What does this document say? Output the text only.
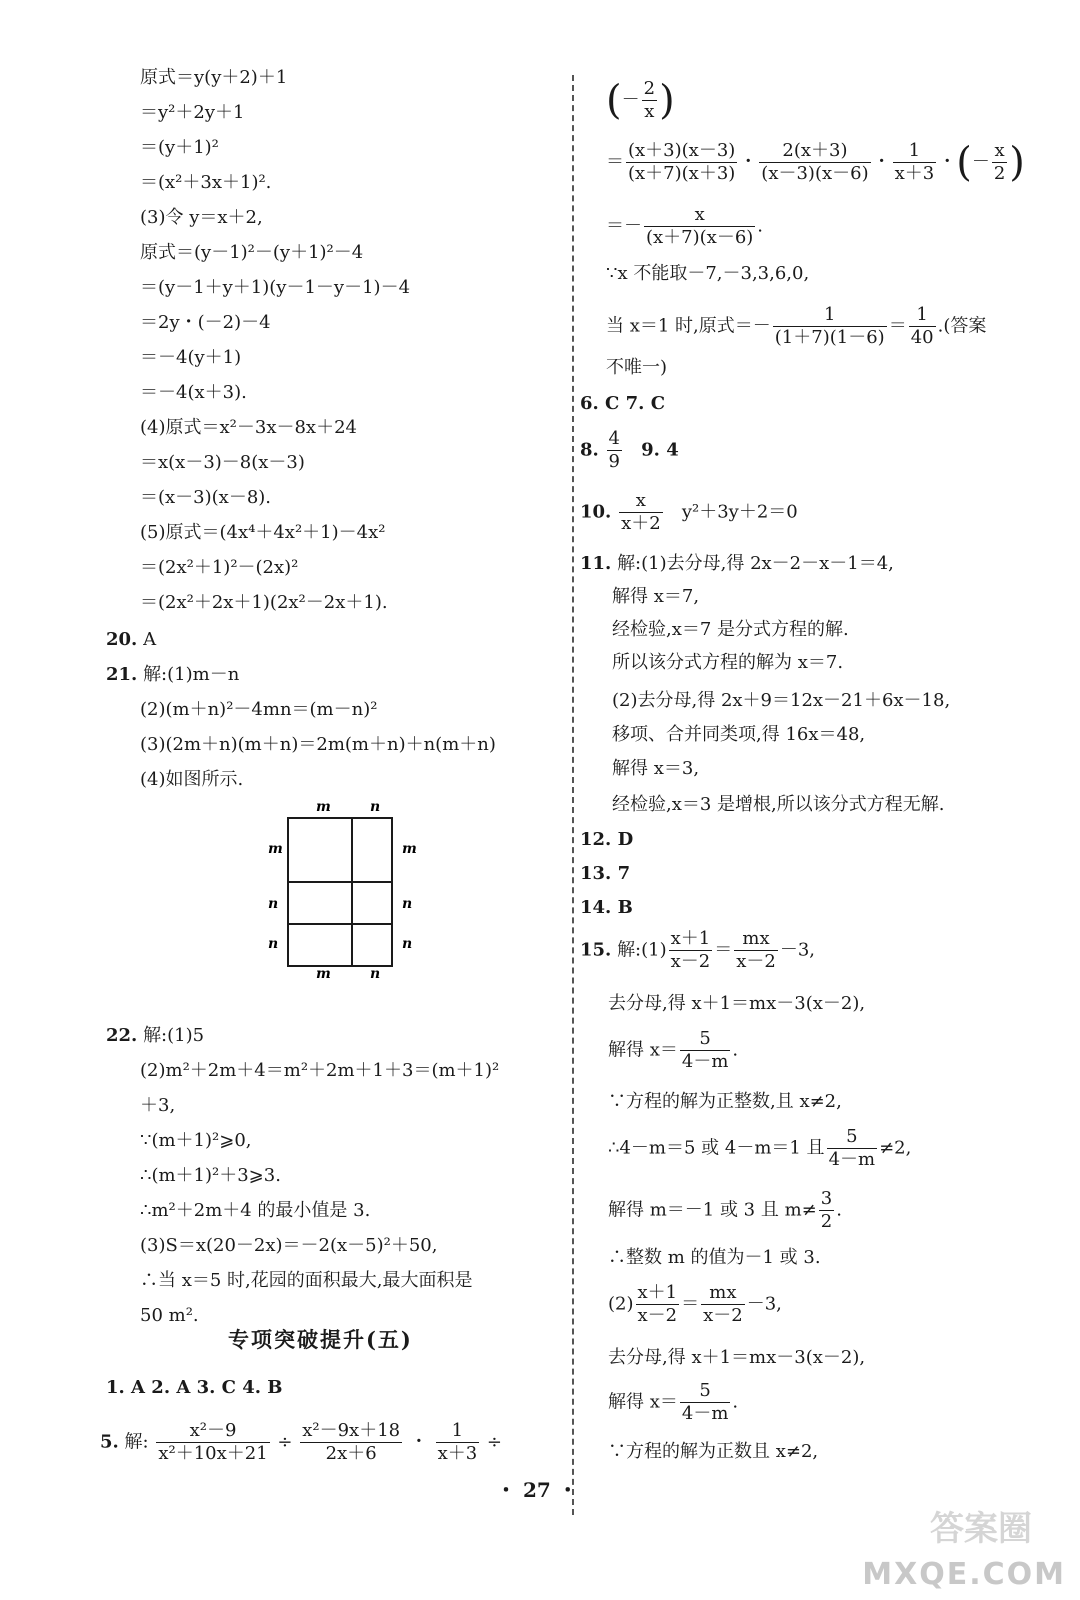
原式＝y(y＋2)＋1
＝y²＋2y＋1
＝(y＋1)²
＝(x²＋3x＋1)².
(3)令 y＝x＋2,
原式＝(y－1)²－(y＋1)²－4
＝(y－1＋y＋1)(y－1－y－1)－4
＝2y・(－2)－4
＝－4(y＋1)
＝－4(x＋3).
(4)原式＝x²－3x－8x＋24
＝x(x－3)－8(x－3)
＝(x－3)(x－8).
(5)原式＝(4x⁴＋4x²＋1)－4x²
＝(2x²＋1)²－(2x)²
＝(2x²＋2x＋1)(2x²－2x＋1).
20. A
21. 解:(1)m－n
(2)(m＋n)²－4mn＝(m－n)²
(3)(2m＋n)(m＋n)＝2m(m＋n)＋n(m＋n)
(4)如图所示.
m	n
m	m
n	n
n	n
m	n
22. 解:(1)5
(2)m²＋2m＋4＝m²＋2m＋1＋3＝(m＋1)²
＋3,
∵(m＋1)²⩾0,
∴(m＋1)²＋3⩾3.
∴m²＋2m＋4 的最小值是 3.
(3)S＝x(20－2x)＝－2(x－5)²＋50,
∴当 x＝5 时,花园的面积最大,最大面积是
50 m².
专项突破提升(五)
1. A 2. A 3. C 4. B
5. 解: $\frac{\text{x²－9}}{\text{x²＋10x＋21}} \div \frac{\text{x²－9x＋18}}{2x+6}$ ・ $\frac{1}{x+3}$ ÷
(－ $\frac{2}{x}$ )
＝ $\frac{(x+3)(x-3)}{(x+7)(x+3)}$ ・ $\frac{2(x+3)}{(x-3)(x-6)}$ ・ $\frac{1}{x+3}$ ・(－ $\frac{x}{2}$ )
＝－ $\frac{x}{(x+7)(x-6)}$ .
∵x 不能取－7,－3,3,6,0,
当 x＝1 时,原式＝－ $\frac{1}{(1+7)(1-6)} = \frac{1}{40}$ .(答案
不唯一)
6. C 7. C
8. $\frac{4}{9} 9$. 4
10. $\frac{x}{x+2} y^2+3y+2=0$
11. 解:(1)去分母,得 2x－2－x－1＝4,
解得 x＝7,
经检验,x＝7 是分式方程的解.
所以该分式方程的解为 x＝7.
(2)去分母,得 2x＋9＝12x－21＋6x－18,
移项、合并同类项,得 16x＝48,
解得 x＝3,
经检验,x＝3 是增根,所以该分式方程无解.
12. D
13. 7
14. B
15. 解:(1) $\frac{x+1}{x-2} = \frac{mx}{x-2} -3$,
去分母,得 x＋1＝mx－3(x－2),
解得 $x= \frac{5}{4-m}$ .
∵方程的解为正整数,且 x≠2,
∴4－m＝5 或 4－m＝1 且 $\frac{5}{4-m} \ne 2$,
解得 m＝－1 或 3 且 $m\ne \frac{3}{2}$ .
∴整数 m 的值为－1 或 3.
$(2) \frac{x+1}{x-2} = \frac{mx}{x-2} -3$,
去分母,得 x＋1＝mx－3(x－2),
解得 $x= \frac{5}{4-m}$ .
∵方程的解为正数且 x≠2,
・ 27 ・
答案圈
MXQE.COM
